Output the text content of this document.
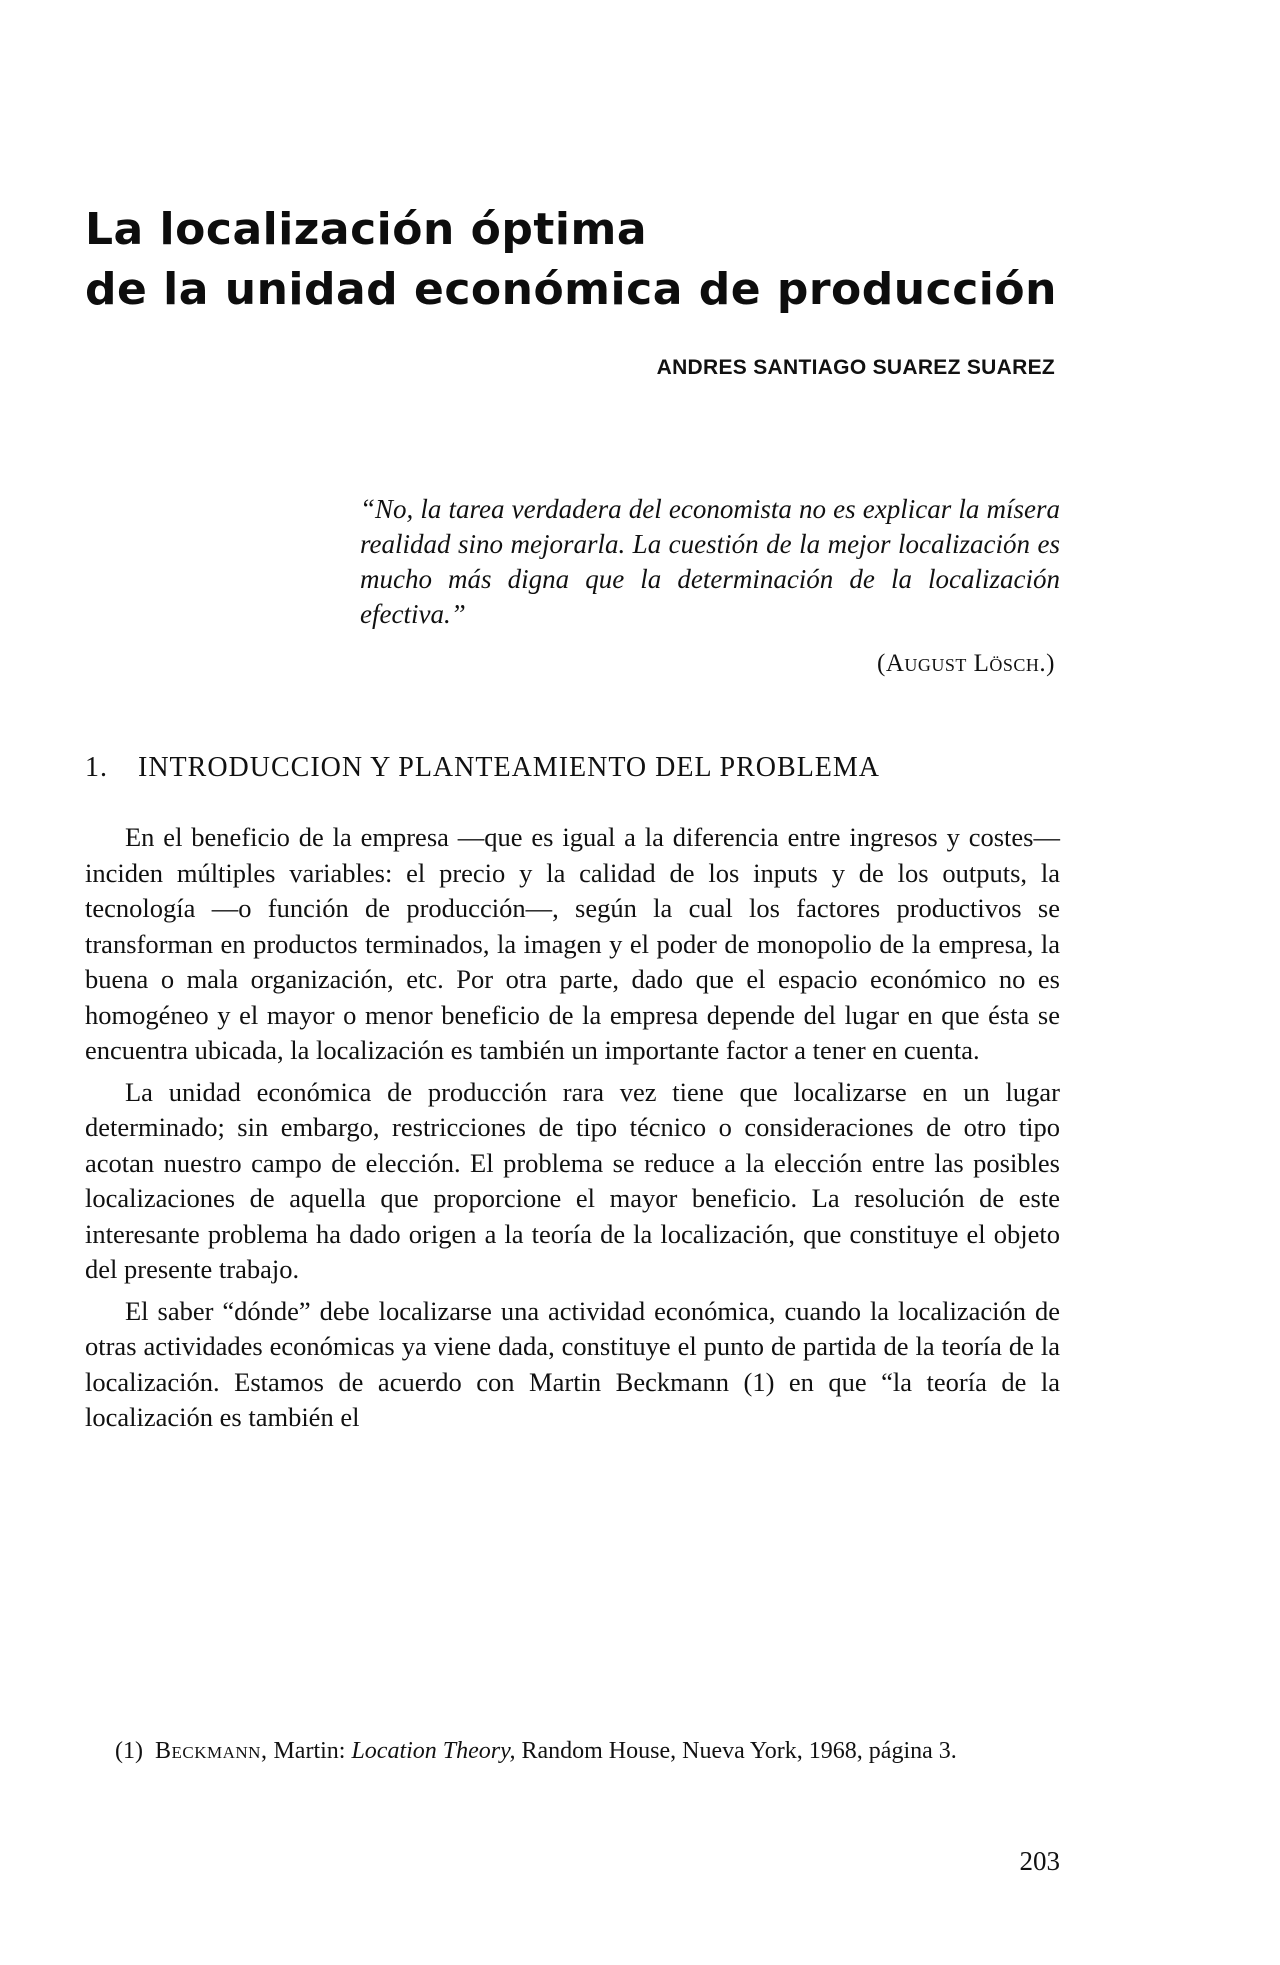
La localización óptima
de la unidad económica de producción
ANDRES SANTIAGO SUAREZ SUAREZ

“No, la tarea verdadera del economista no es explicar la mísera realidad sino mejorarla. La cuestión de la mejor localización es mucho más digna que la determinación de la localización efectiva.”

(August Lösch.)
1. INTRODUCCION Y PLANTEAMIENTO DEL PROBLEMA

En el beneficio de la empresa —que es igual a la diferencia entre ingresos y costes— inciden múltiples variables: el precio y la calidad de los inputs y de los outputs, la tecnología —o función de producción—, según la cual los factores productivos se transforman en productos terminados, la imagen y el poder de monopolio de la empresa, la buena o mala organización, etc. Por otra parte, dado que el espacio económico no es homogéneo y el mayor o menor beneficio de la empresa depende del lugar en que ésta se encuentra ubicada, la localización es también un importante factor a tener en cuenta.

La unidad económica de producción rara vez tiene que localizarse en un lugar determinado; sin embargo, restricciones de tipo técnico o consideraciones de otro tipo acotan nuestro campo de elección. El problema se reduce a la elección entre las posibles localizaciones de aquella que proporcione el mayor beneficio. La resolución de este interesante problema ha dado origen a la teoría de la localización, que constituye el objeto del presente trabajo.

El saber “dónde” debe localizarse una actividad económica, cuando la localización de otras actividades económicas ya viene dada, constituye el punto de partida de la teoría de la localización. Estamos de acuerdo con Martin Beckmann (1) en que “la teoría de la localización es también el

(1) Beckmann, Martin: Location Theory, Random House, Nueva York, 1968, página 3.

203
